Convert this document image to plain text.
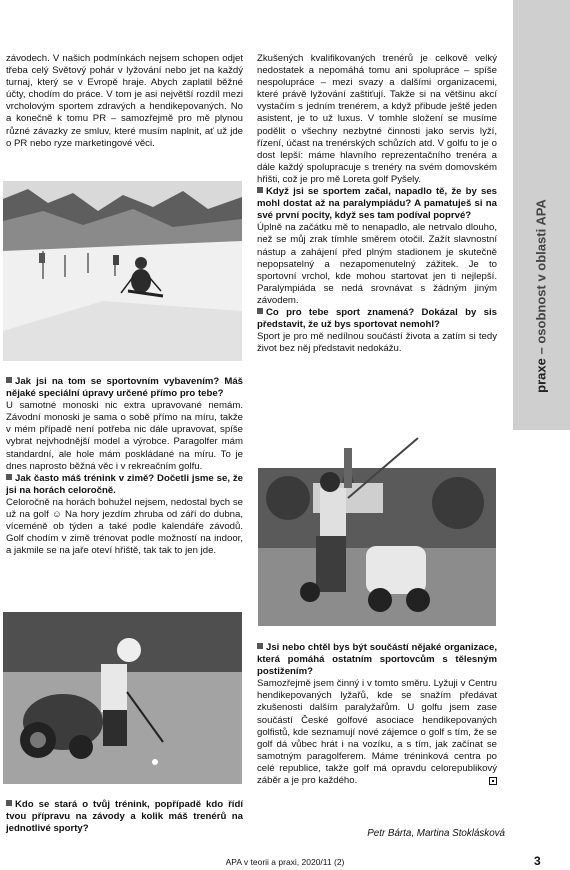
praxe – osobnost v oblasti APA

závodech. V našich podmínkách nejsem schopen odjet třeba celý Světový pohár v lyžování nebo jet na každý turnaj, který se v Evropě hraje. Abych zaplatil běžné účty, chodím do práce. V tom je asi největší rozdíl mezi vrcholovým sportem zdravých a hendikepovaných. No a konečně k tomu PR – samozřejmě pro mě plynou různé závazky ze smluv, které musím naplnit, ať už jde o PR nebo ryze marketingové věci.

Jak jsi na tom se sportovním vybavením? Máš nějaké speciální úpravy určené přímo pro tebe?

U samotné monoski nic extra upravované nemám. Závodní monoski je sama o sobě přímo na míru, takže v mém případě není potřeba nic dále upravovat, spíše vybrat nejvhodnější model a výrobce. Paragolfer mám standardní, ale hole mám poskládané na míru. To je dnes naprosto běžná věc i v rekreačním golfu.

Jak často máš trénink v zimě? Dočetli jsme se, že jsi na horách celoročně.

Celoročně na horách bohužel nejsem, nedostal bych se už na golf ☺ Na hory jezdím zhruba od září do dubna, víceméně ob týden a také podle kalendáře závodů. Golf chodím v zimě trénovat podle možností na indoor, a jakmile se na jaře oteví hřiště, tak tak to jen jde.

Kdo se stará o tvůj trénink, popřípadě kdo řídí tvou přípravu na závody a kolik máš trenérů na jednotlivé sporty?

Zkušených kvalifikovaných trenérů je celkově velký nedostatek a nepomáhá tomu ani spolupráce – spíše nespolupráce – mezi svazy a dalšími organizacemi, které právě lyžování zaštiťují. Takže si na většinu akcí vystačím s jedním trenérem, a když přibude ještě jeden asistent, je to už luxus. V tomhle složení se musíme podělit o všechny nezbytné činnosti jako servis lyží, řízení, účast na trenérských schůzích atd. V golfu to je o dost lepší: máme hlavního reprezentačního trenéra a dále každý spolupracuje s trenéry na svém domovském hřišti, což je pro mě Loreta golf Pyšely.

Když jsi se sportem začal, napadlo tě, že by ses mohl dostat až na paralympiádu? A pamatuješ si na své první pocity, když ses tam podíval poprvé?

Úplně na začátku mě to nenapadlo, ale netrvalo dlouho, než se můj zrak tímhle směrem otočil. Zažít slavnostní nástup a zahájení před plným stadionem je skutečně nepopsatelný a nezapomenutelný zážitek. Je to sportovní vrchol, kde mohou startovat jen ti nejlepší. Paralympiáda se nedá srovnávat s žádným jiným závodem.

Co pro tebe sport znamená? Dokázal by sis představit, že už bys sportovat nemohl?

Sport je pro mě nedílnou součástí života a zatím si tedy život bez něj představit nedokážu.

Jsi nebo chtěl bys být součástí nějaké organizace, která pomáhá ostatním sportovcům s tělesným postižením?

Samozřejmě jsem činný i v tomto směru. Lyžuji v Centru hendikepovaných lyžařů, kde se snažím předávat zkušenosti dalším paralyžařům. U golfu jsem zase součástí České golfové asociace hendikepovaných golfistů, kde seznamují nové zájemce o golf s tím, že se golf dá vůbec hrát i na vozíku, a s tím, jak začínat se samotným paragolferem. Máme tréninková centra po celé republice, takže golf má opravdu celorepublikový záběr a je pro každého.

Petr Bárta, Martina Stoklásková
APA v teorii a praxi, 2020/11 (2)	3
